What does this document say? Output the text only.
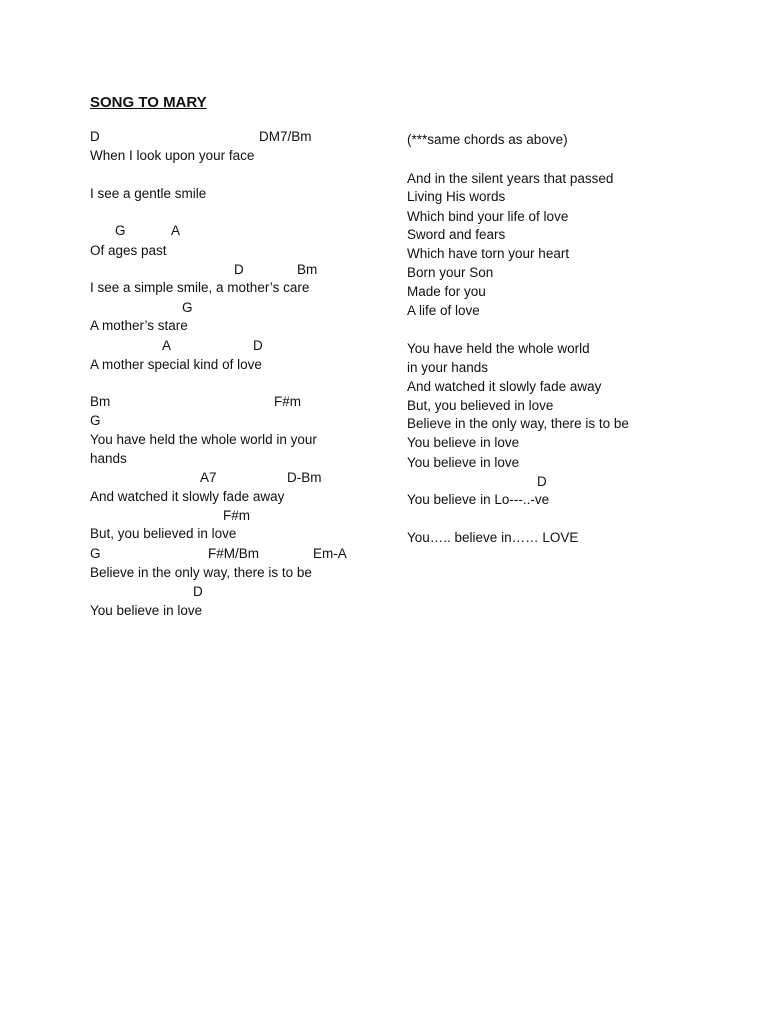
SONG TO MARY
D	DM7/Bm
When I look upon your face
I see a gentle smile
G	A
Of ages past
D	Bm
I see a simple smile, a mother’s care
G
A mother’s stare
A	D
A mother special kind of love
Bm	F#m
G
You have held the whole world in your
hands
A7	D-Bm
And watched it slowly fade away
F#m
But, you believed in love
G	F#M/Bm	Em-A
Believe in the only way, there is to be
D
You believe in love
(***same chords as above)
And in the silent years that passed
Living His words
Which bind your life of love
Sword and fears
Which have torn your heart
Born your Son
Made for you
A life of love
You have held the whole world
in your hands
And watched it slowly fade away
But, you believed in love
Believe in the only way, there is to be
You believe in love
You believe in love
D
You believe in Lo---..-ve
You….. believe in…… LOVE
